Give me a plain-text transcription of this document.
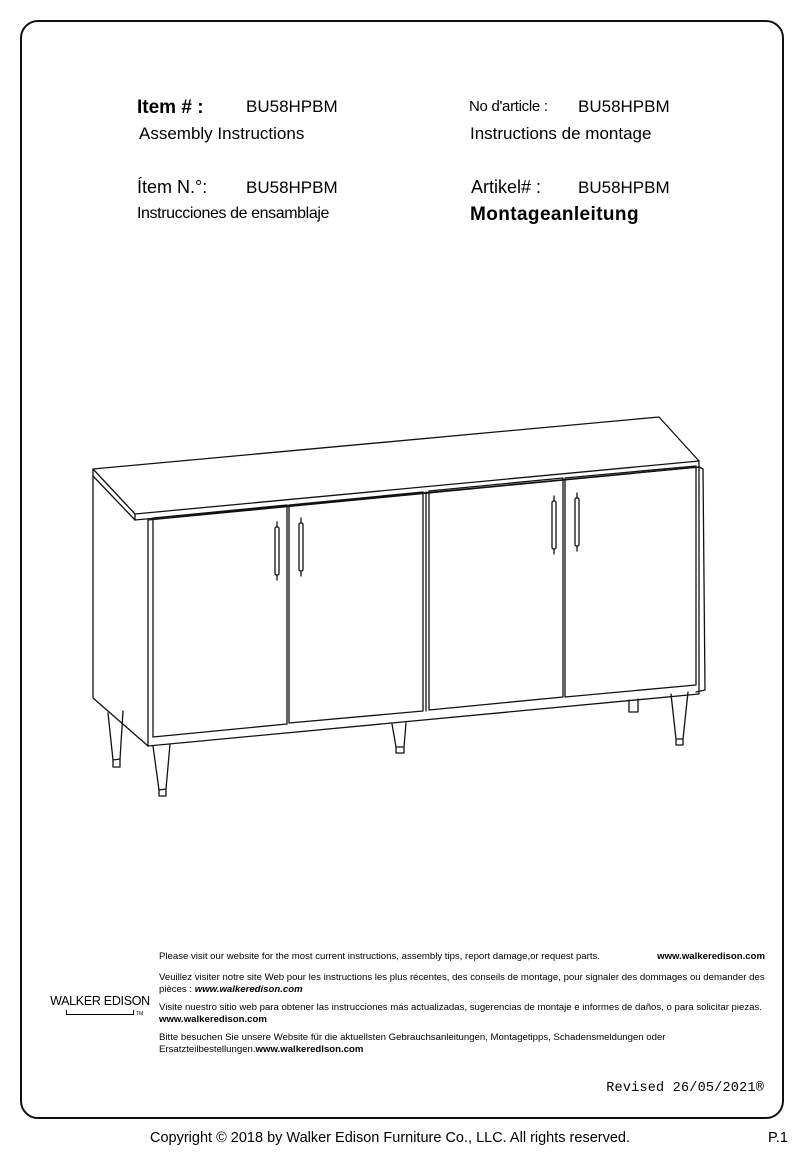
Item # : BU58HPBM
Assembly Instructions
No d'article : BU58HPBM
Instructions de montage
Ítem N.°: BU58HPBM
Instrucciones de ensamblaje
Artikel# : BU58HPBM
Montageanleitung
WALKER EDISON
TM

Please visit our website for the most current instructions, assembly tips, report damage,or request parts.	www.walkeredison.com

Veuillez visiter notre site Web pour les instructions les plus récentes, des conseils de montage, pour signaler des dommages ou demander des pièces : www.walkeredison.com

Visite nuestro sitio web para obtener las instrucciones más actualizadas, sugerencias de montaje e informes de daños, o para solicitar piezas. www.walkeredison.com

Bitte besuchen Sie unsere Website für die aktuellsten Gebrauchsanleitungen, Montagetipps, Schadensmeldungen oder Ersatzteilbestellungen.www.walkeredlson.com

Revised 26/05/2021®
Copyright © 2018 by Walker Edison Furniture Co., LLC. All rights reserved.	P.1
